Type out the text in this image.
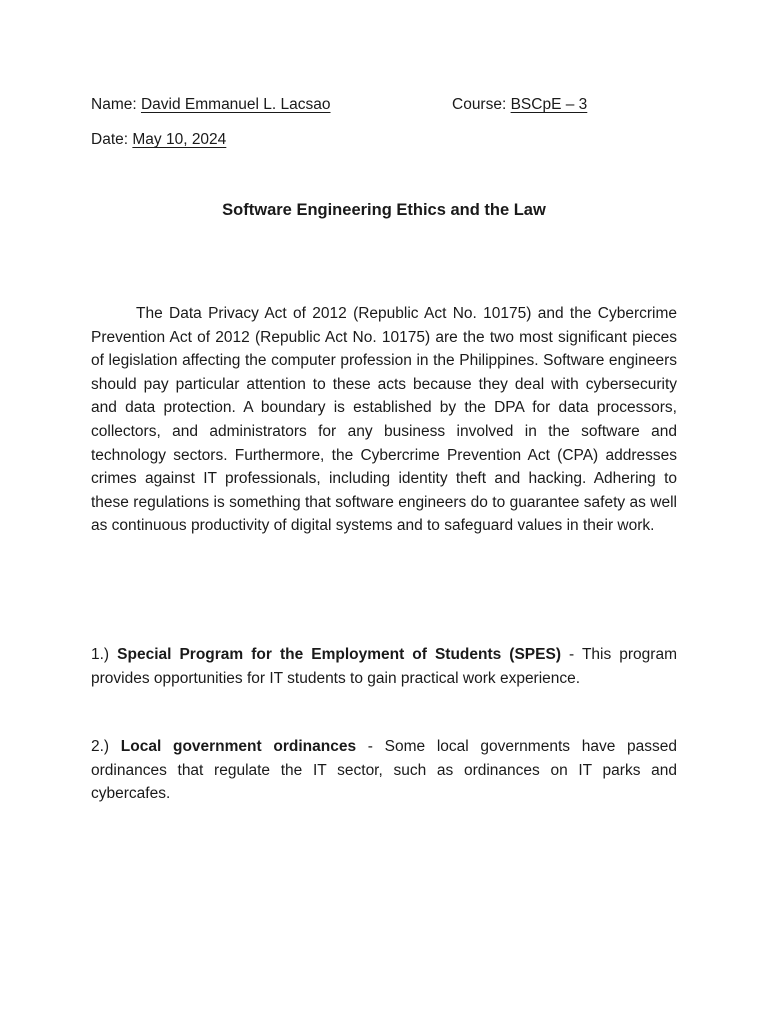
Name: David Emmanuel L. Lacsao	Course: BSCpE – 3
Date: May 10, 2024
Software Engineering Ethics and the Law

The Data Privacy Act of 2012 (Republic Act No. 10175) and the Cybercrime Prevention Act of 2012 (Republic Act No. 10175) are the two most significant pieces of legislation affecting the computer profession in the Philippines. Software engineers should pay particular attention to these acts because they deal with cybersecurity and data protection. A boundary is established by the DPA for data processors, collectors, and administrators for any business involved in the software and technology sectors. Furthermore, the Cybercrime Prevention Act (CPA) addresses crimes against IT professionals, including identity theft and hacking. Adhering to these regulations is something that software engineers do to guarantee safety as well as continuous productivity of digital systems and to safeguard values in their work.

1.) Special Program for the Employment of Students (SPES) - This program provides opportunities for IT students to gain practical work experience.

2.) Local government ordinances - Some local governments have passed ordinances that regulate the IT sector, such as ordinances on IT parks and cybercafes.
